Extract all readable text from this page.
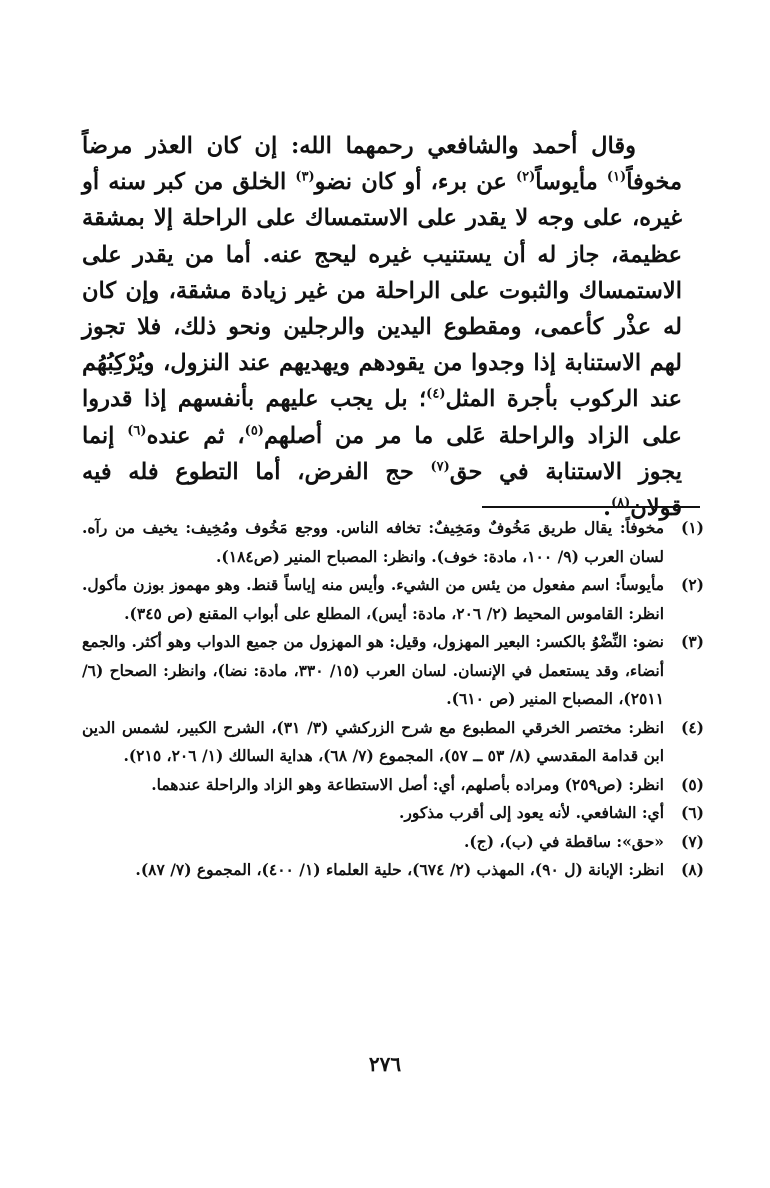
وقال أحمد والشافعي رحمهما الله: إن كان العذر مرضاً مخوفاً$^{(١)}$ مأيوساً$^{(٢)}$ عن برء، أو كان نضو$^{(٣)}$ الخلق من كبر سنه أو غيره، على وجه لا يقدر على الاستمساك على الراحلة إلا بمشقة عظيمة، جاز له أن يستنيب غيره ليحج عنه. أما من يقدر على الاستمساك والثبوت على الراحلة من غير زيادة مشقة، وإن كان له عذْر كأعمى، ومقطوع اليدين والرجلين ونحو ذلك، فلا تجوز لهم الاستنابة إذا وجدوا من يقودهم ويهديهم عند النزول، ويُرْكِبُهُم عند الركوب بأجرة المثل$^{(٤)}$؛ بل يجب عليهم بأنفسهم إذا قدروا على الزاد والراحلة عَلى ما مر من أصلهم$^{(٥)}$، ثم عنده$^{(٦)}$ إنما يجوز الاستنابة في حق$^{(٧)}$ حج الفرض، أما التطوع فله فيه قولان$^{(٨)}$.

(١)
مخوفاً: يقال طريق مَخُوفٌ ومَخِيفٌ: تخافه الناس. ووجع مَخُوف ومُخِيف: يخيف من رآه. لسان العرب (٩/ ١٠٠، مادة: خوف). وانظر: المصباح المنير (ص١٨٤).
(٢)
مأيوساً: اسم مفعول من يئس من الشيء. وأيس منه إياساً قنط. وهو مهموز بوزن مأكول. انظر: القاموس المحيط (٢/ ٢٠٦، مادة: أيس)، المطلع على أبواب المقنع (ص ٣٤٥).
(٣)
نضو: النِّضْوُ بالكسر: البعير المهزول، وقيل: هو المهزول من جميع الدواب وهو أكثر. والجمع أنضاء، وقد يستعمل في الإنسان. لسان العرب (١٥/ ٣٣٠، مادة: نضا)، وانظر: الصحاح (٦/ ٢٥١١)، المصباح المنير (ص ٦١٠).
(٤)
انظر: مختصر الخرقي المطبوع مع شرح الزركشي (٣/ ٣١)، الشرح الكبير، لشمس الدين ابن قدامة المقدسي (٨/ ٥٣ ــ ٥٧)، المجموع (٧/ ٦٨)، هداية السالك (١/ ٢٠٦، ٢١٥).
(٥)
انظر: (ص٢٥٩) ومراده بأصلهم، أي: أصل الاستطاعة وهو الزاد والراحلة عندهما.
(٦)
أي: الشافعي. لأنه يعود إلى أقرب مذكور.
(٧)
«حق»: ساقطة في (ب)، (ج).
(٨)
انظر: الإبانة (ل ٩٠)، المهذب (٢/ ٦٧٤)، حلية العلماء (١/ ٤٠٠)، المجموع (٧/ ٨٧).
٢٧٦
